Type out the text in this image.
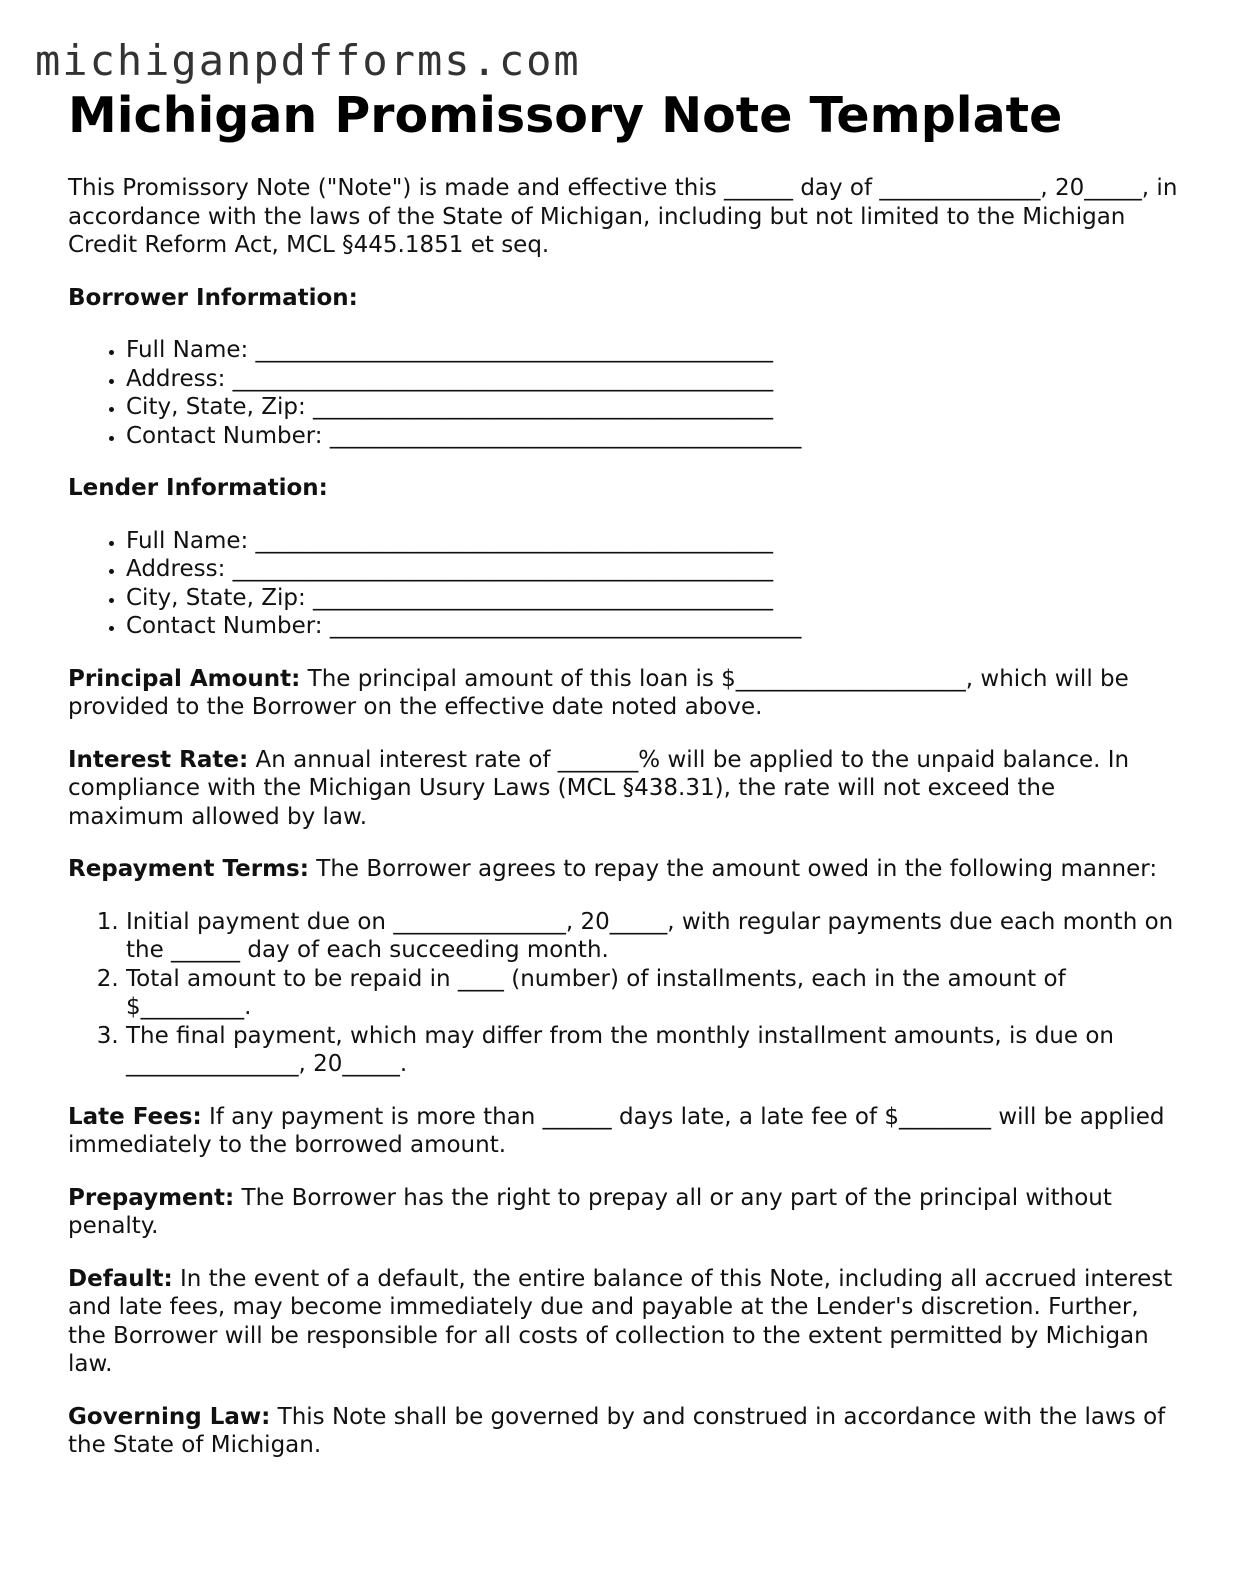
michiganpdfforms.com
Michigan Promissory Note Template

This Promissory Note ("Note") is made and effective this ______ day of ______________, 20_____, in accordance with the laws of the State of Michigan, including but not limited to the Michigan Credit Reform Act, MCL §445.1851 et seq.

Borrower Information:

• Full Name: _____________________________________________
• Address: _______________________________________________
• City, State, Zip: ________________________________________
• Contact Number: _________________________________________

Lender Information:

• Full Name: _____________________________________________
• Address: _______________________________________________
• City, State, Zip: ________________________________________
• Contact Number: _________________________________________

Principal Amount: The principal amount of this loan is $____________________, which will be provided to the Borrower on the effective date noted above.

Interest Rate: An annual interest rate of _______% will be applied to the unpaid balance. In compliance with the Michigan Usury Laws (MCL §438.31), the rate will not exceed the maximum allowed by law.

Repayment Terms: The Borrower agrees to repay the amount owed in the following manner:

1. Initial payment due on _______________, 20_____, with regular payments due each month on the ______ day of each succeeding month.
2. Total amount to be repaid in ____ (number) of installments, each in the amount of $_________.
3. The final payment, which may differ from the monthly installment amounts, is due on _______________, 20_____.

Late Fees: If any payment is more than ______ days late, a late fee of $________ will be applied immediately to the borrowed amount.

Prepayment: The Borrower has the right to prepay all or any part of the principal without penalty.

Default: In the event of a default, the entire balance of this Note, including all accrued interest and late fees, may become immediately due and payable at the Lender's discretion. Further, the Borrower will be responsible for all costs of collection to the extent permitted by Michigan law.

Governing Law: This Note shall be governed by and construed in accordance with the laws of the State of Michigan.
